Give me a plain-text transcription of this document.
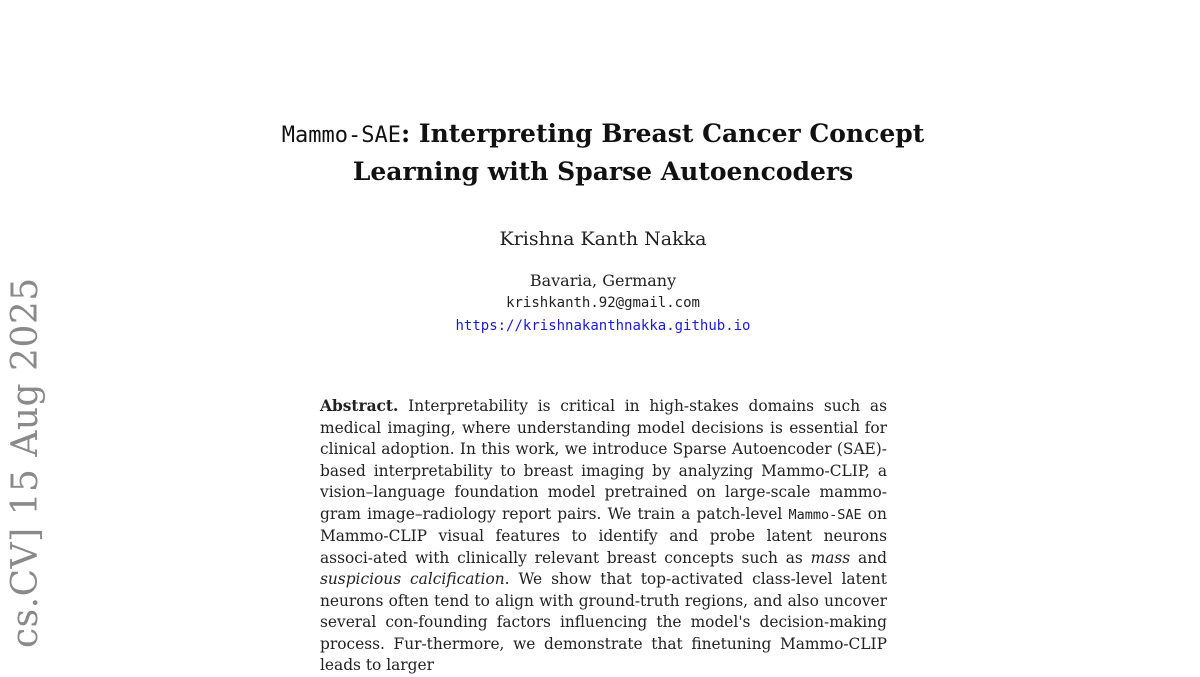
cs.CV] 15 Aug 2025
Mammo-SAE: Interpreting Breast Cancer Concept
Learning with Sparse Autoencoders
Krishna Kanth Nakka
Bavaria, Germany
krishkanth.92@gmail.com
https://krishnakanthnakka.github.io
Abstract. Interpretability is critical in high-stakes domains such as medical imaging, where understanding model decisions is essential for clinical adoption. In this work, we introduce Sparse Autoencoder (SAE)-based interpretability to breast imaging by analyzing Mammo-CLIP, a vision–language foundation model pretrained on large-scale mammo-gram image–radiology report pairs. We train a patch-level Mammo-SAE on Mammo-CLIP visual features to identify and probe latent neurons associ-ated with clinically relevant breast concepts such as mass and suspicious calcification. We show that top-activated class-level latent neurons often tend to align with ground-truth regions, and also uncover several con-founding factors influencing the model's decision-making process. Fur-thermore, we demonstrate that finetuning Mammo-CLIP leads to larger
